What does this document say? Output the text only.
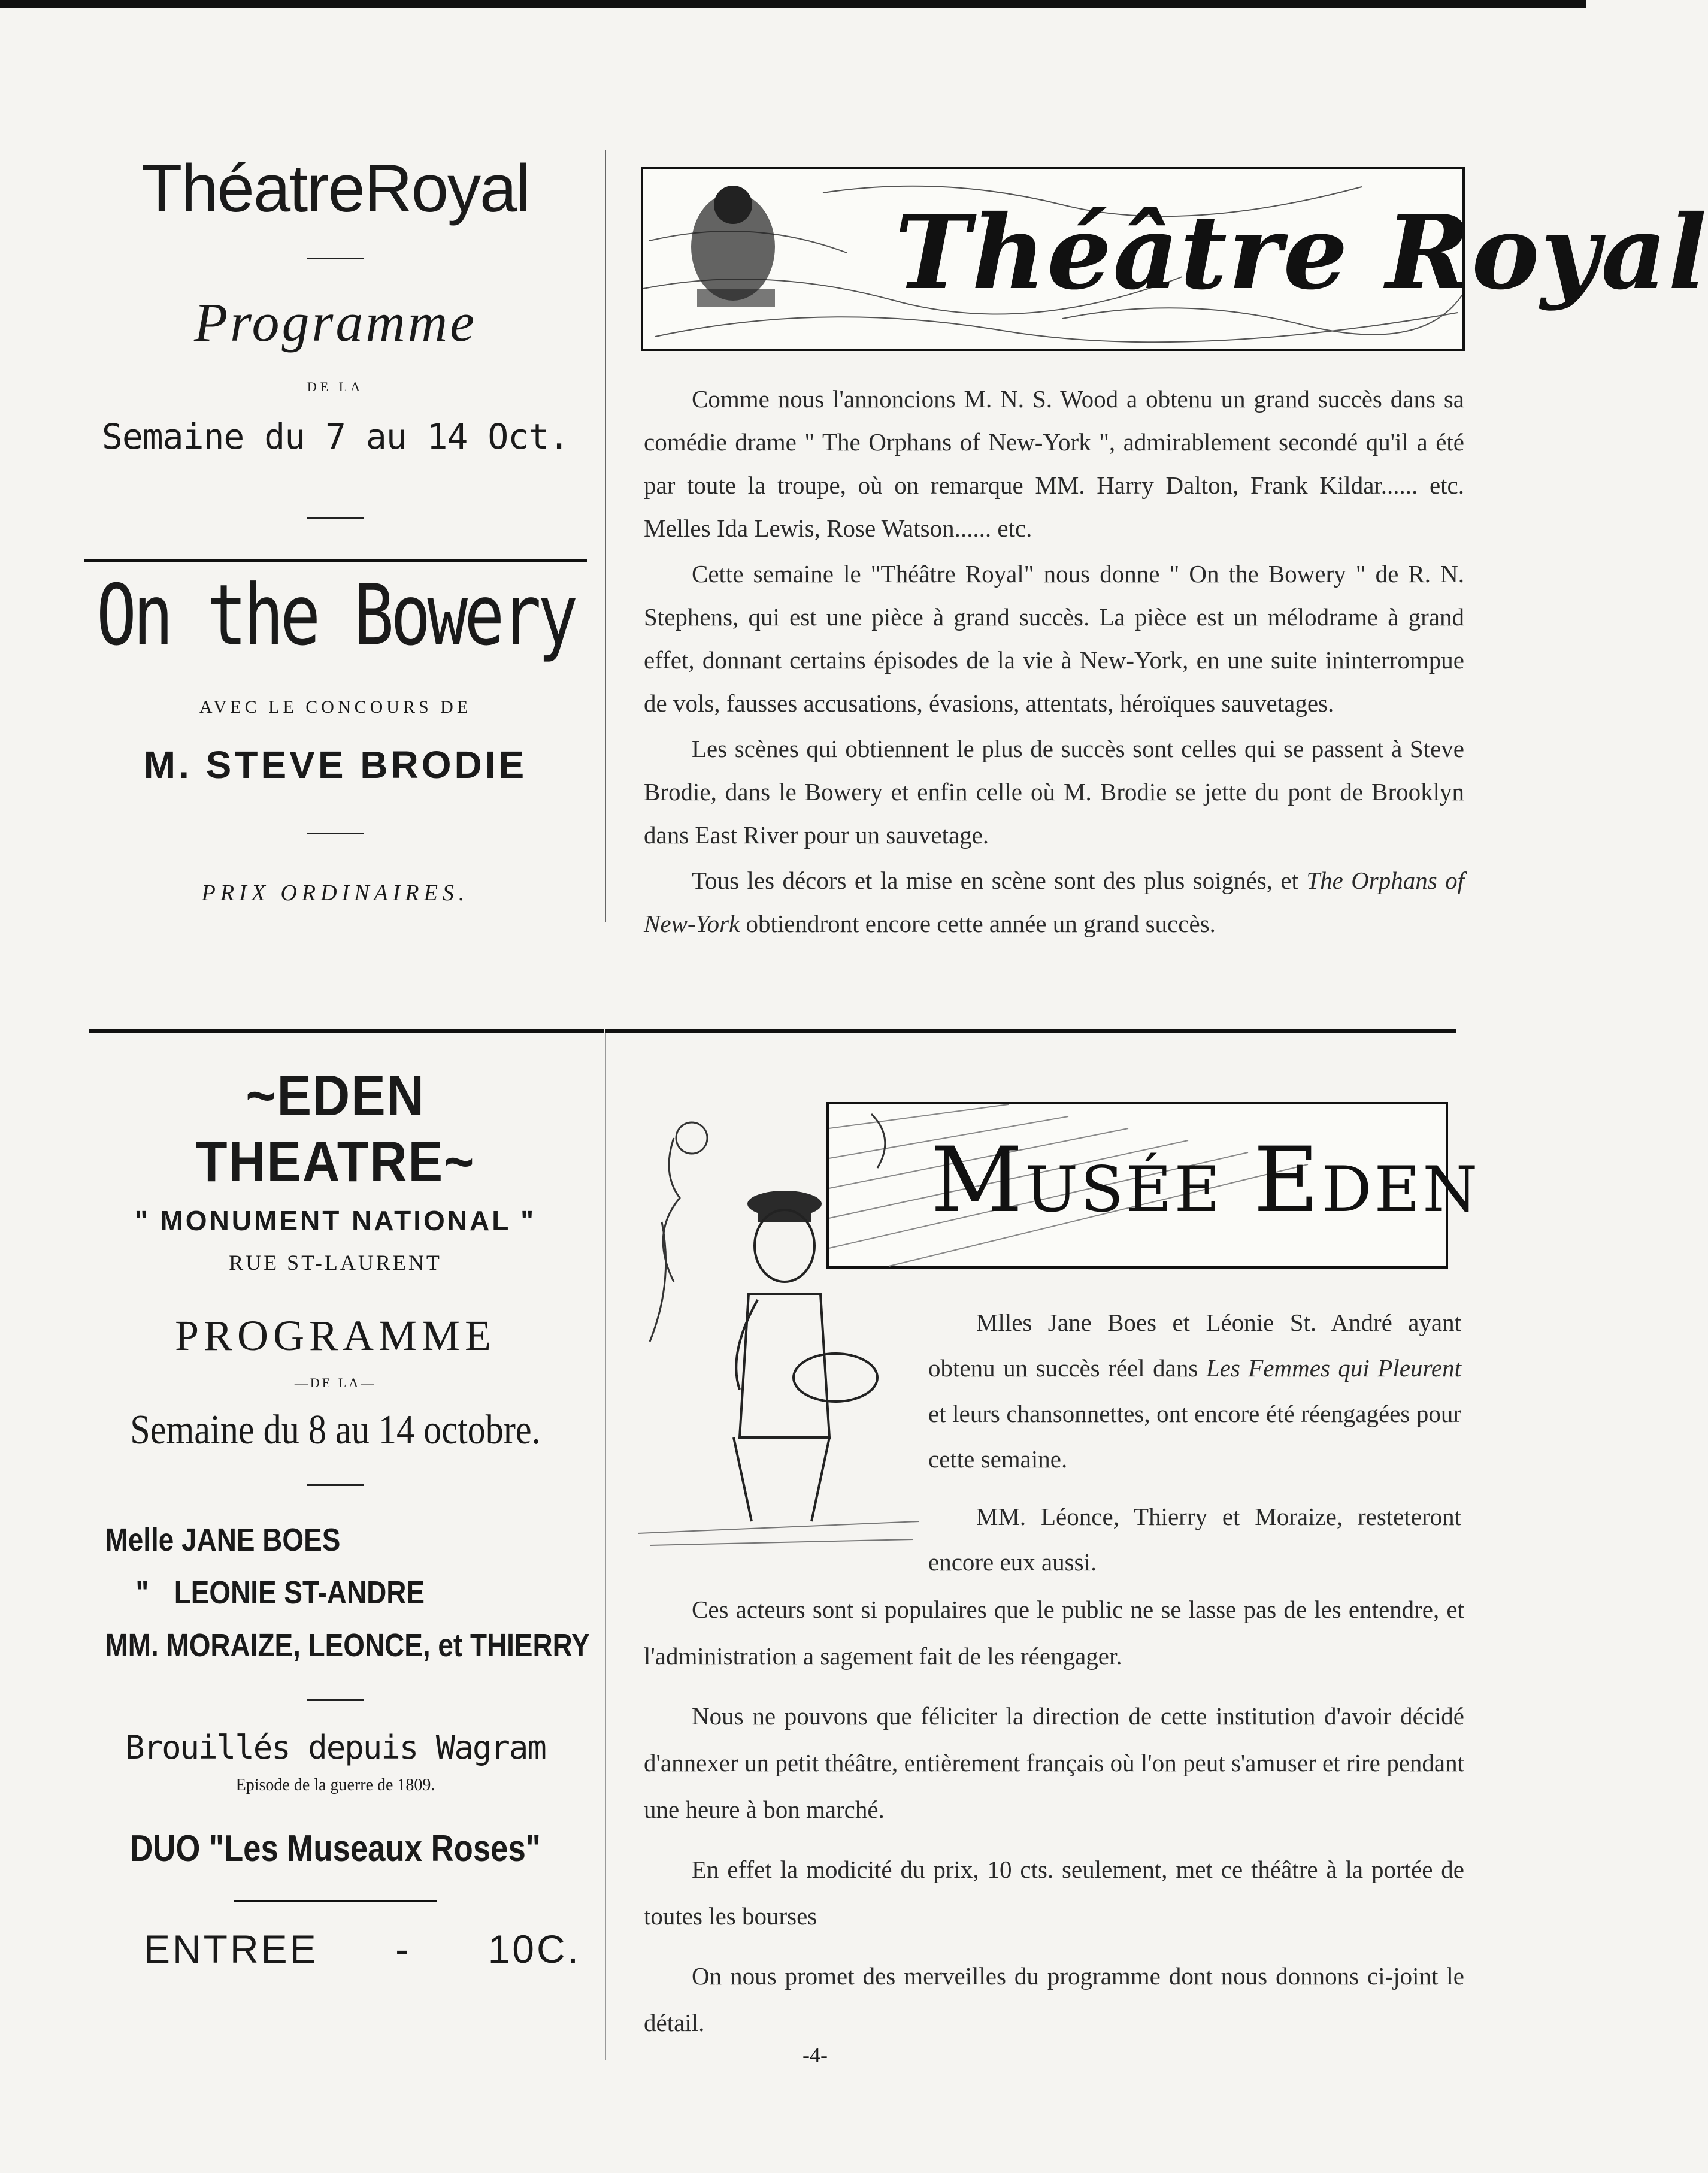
ThéatreRoyal
Programme
DE LA
Semaine du 7 au 14 Oct.
On the Bowery
AVEC LE CONCOURS DE
M. STEVE BRODIE
PRIX ORDINAIRES.
Théâtre Royal

Comme nous l'annoncions M. N. S. Wood a obtenu un grand succès dans sa comédie drame " The Orphans of New-York ", admirablement secondé qu'il a été par toute la troupe, où on remarque MM. Harry Dalton, Frank Kildar...... etc. Melles Ida Lewis, Rose Watson...... etc.

Cette semaine le "Théâtre Royal" nous donne " On the Bowery " de R. N. Stephens, qui est une pièce à grand succès. La pièce est un mélodrame à grand effet, donnant certains épisodes de la vie à New-York, en une suite ininterrompue de vols, fausses accusations, évasions, attentats, héroïques sauvetages.

Les scènes qui obtiennent le plus de succès sont celles qui se passent à Steve Brodie, dans le Bowery et enfin celle où M. Brodie se jette du pont de Brooklyn dans East River pour un sauvetage.

Tous les décors et la mise en scène sont des plus soignés, et The Orphans of New-York obtiendront encore cette année un grand succès.

~EDEN THEATRE~
" MONUMENT NATIONAL "
RUE ST-LAURENT
PROGRAMME
—DE LA—
Semaine du 8 au 14 octobre.
Melle JANE BOES
" LEONIE ST-ANDRE
MM. MORAIZE, LEONCE, et THIERRY
Brouillés depuis Wagram
Episode de la guerre de 1809.
DUO "Les Museaux Roses"
ENTREE - 10C.
Musée Eden

Mlles Jane Boes et Léonie St. André ayant obtenu un succès réel dans Les Femmes qui Pleurent et leurs chansonnettes, ont encore été réengagées pour cette semaine.

MM. Léonce, Thierry et Moraize, resteteront encore eux aussi.

Ces acteurs sont si populaires que le public ne se lasse pas de les entendre, et l'administration a sagement fait de les réengager.

Nous ne pouvons que féliciter la direction de cette institution d'avoir décidé d'annexer un petit théâtre, entièrement français où l'on peut s'amuser et rire pendant une heure à bon marché.

En effet la modicité du prix, 10 cts. seulement, met ce théâtre à la portée de toutes les bourses

On nous promet des merveilles du programme dont nous donnons ci-joint le détail.

-4-
